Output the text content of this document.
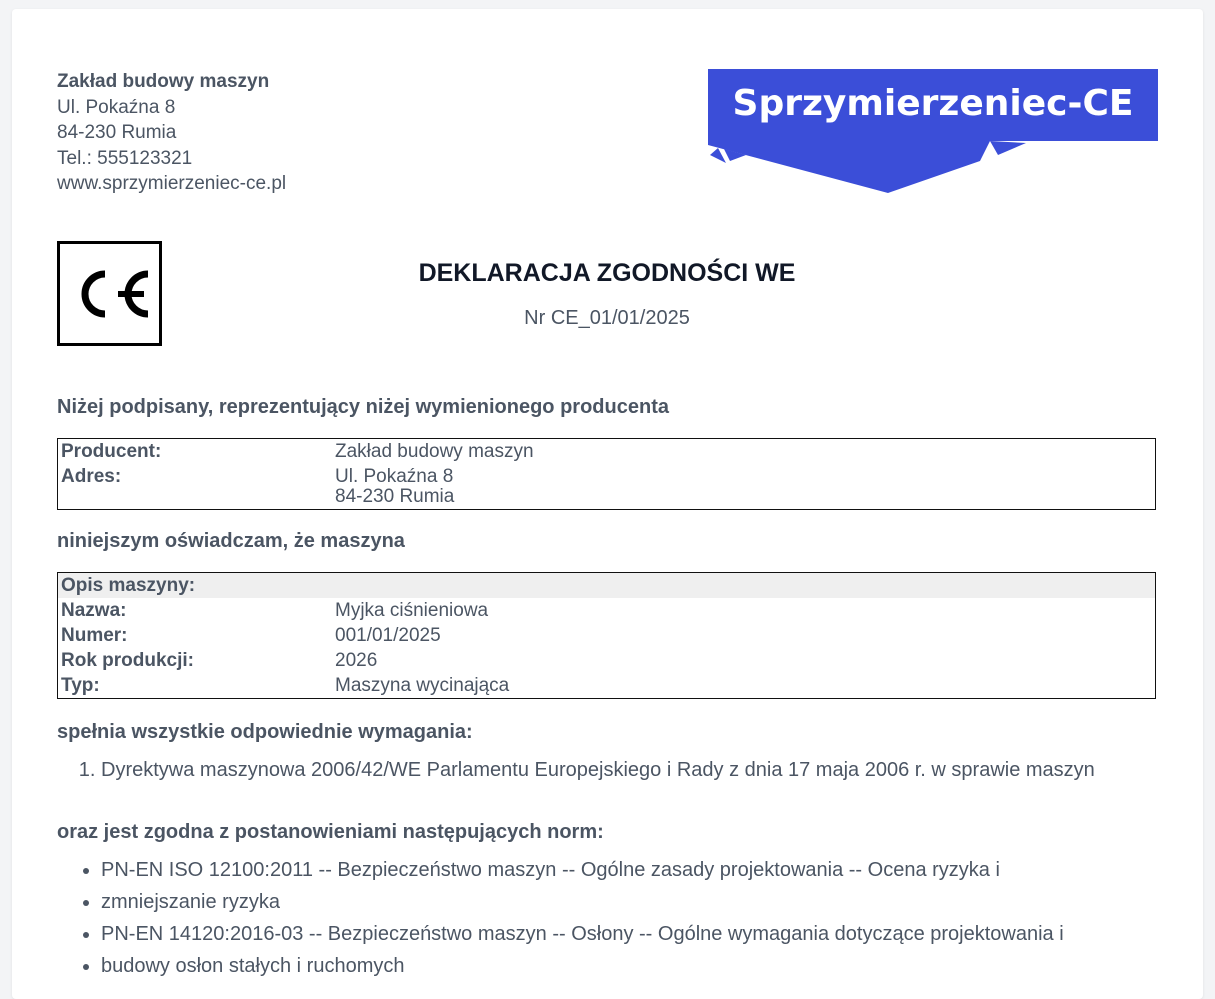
Zakład budowy maszyn
Ul. Pokaźna 8
84-230 Rumia
Tel.: 555123321
www.sprzymierzeniec-ce.pl
Sprzymierzeniec-CE
DEKLARACJA ZGODNOŚCI WE
Nr CE_01/01/2025
Niżej podpisany, reprezentujący niżej wymienionego producenta
Producent:	Zakład budowy maszyn
Adres:	Ul. Pokaźna 8
84-230 Rumia
niniejszym oświadczam, że maszyna
Opis maszyny:
Nazwa:	Myjka ciśnieniowa
Numer:	001/01/2025
Rok produkcji:	2026
Typ:	Maszyna wycinająca
spełnia wszystkie odpowiednie wymagania:
1. Dyrektywa maszynowa 2006/42/WE Parlamentu Europejskiego i Rady z dnia 17 maja 2006 r. w sprawie maszyn
oraz jest zgodna z postanowieniami następujących norm:
• PN-EN ISO 12100:2011 -- Bezpieczeństwo maszyn -- Ogólne zasady projektowania -- Ocena ryzyka i
• zmniejszanie ryzyka
• PN-EN 14120:2016-03 -- Bezpieczeństwo maszyn -- Osłony -- Ogólne wymagania dotyczące projektowania i
• budowy osłon stałych i ruchomych
